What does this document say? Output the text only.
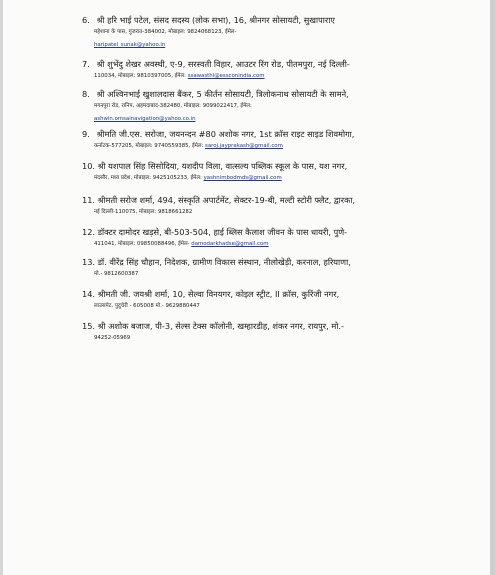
6. श्री हरि भाई पटेल, संसद सदस्य (लोक सभा), 16, श्रीनगर सोसायटी, सुखापाराए
महेशाना के पास, गुजरात-384002, मोबाइल: 9824068123, ईमेल-
haripatel_sunak@yahoo.in
7. श्री शुभेंदु शेखर अवस्थी, ए-9, सरस्वती विहार, आउटर रिंग रोड, पीतमपुरा, नई दिल्ली-
110034, मोबाइल: 9810397005, ईमेल: ssawasthi@essconindia.com
8. श्री अश्विनभाई खुशालदास बैंकर, 5 कीर्तन सोसायटी, त्रिलोकनाथ सोसायटी के सामने,
मगनपुरा रोड, रानिप, अहमदाबाद-382480, मोबाइल: 9099022417, ईमेल:
ashwin.omsainavigation@yahoo.co.in
9. श्रीमति जी.एस. सरोजा, जयनन्दन #80 अशोक नगर, 1st क्रॉस राइट साइड शिवमोगा,
कर्नाटक-577205, मोबाइल: 9740559385, ईमेल: saroj.jayprakash@gmail.com
10. श्री यशपाल सिंह सिसोदिया, यशदीप विला, वात्सल्य पब्लिक स्कूल के पास, यश नगर,
मंदसौर, मध्य प्रदेश, मोबाइल: 9425105233, ईमेल: yashnimbodmds@gmail.com
11. श्रीमती सरोज शर्मा, 494, संस्कृति अपार्टमेंट, सेक्टर-19-बी, मल्टी स्टोरी फ्लैट, द्वारका,
नई दिल्ली-110075, मोबाइल: 9818661282
12. डॉक्टर दामोदर खड़से, बी-503-504, हाई ब्लिस कैलाश जीवन के पास धायरी, पुणे-
411041, मोबाइल: 09850088496, ईमेल- damodarkhadse@gmail.com
13. डॉ. वीरेंद्र सिंह चौहान, निदेशक, ग्रामीण विकास संस्थान, नीलोखेड़ी, करनाल, हरियाणा,
मो.- 9812600387
14. श्रीमती जी. जयश्री शर्मा, 10, सेल्वा विनयगर, कोइल स्ट्रीट, II क्रॉस, कुरिंजी नगर,
लाउसपेट, पुदुचेरी - 605008 मो.- 9629880447
15. श्री अशोक बजाज, पी-3, सेल्स टेक्स कॉलोनी, खम्हारडीह, शंकर नगर, रायपुर, मो.-
94252-05969
